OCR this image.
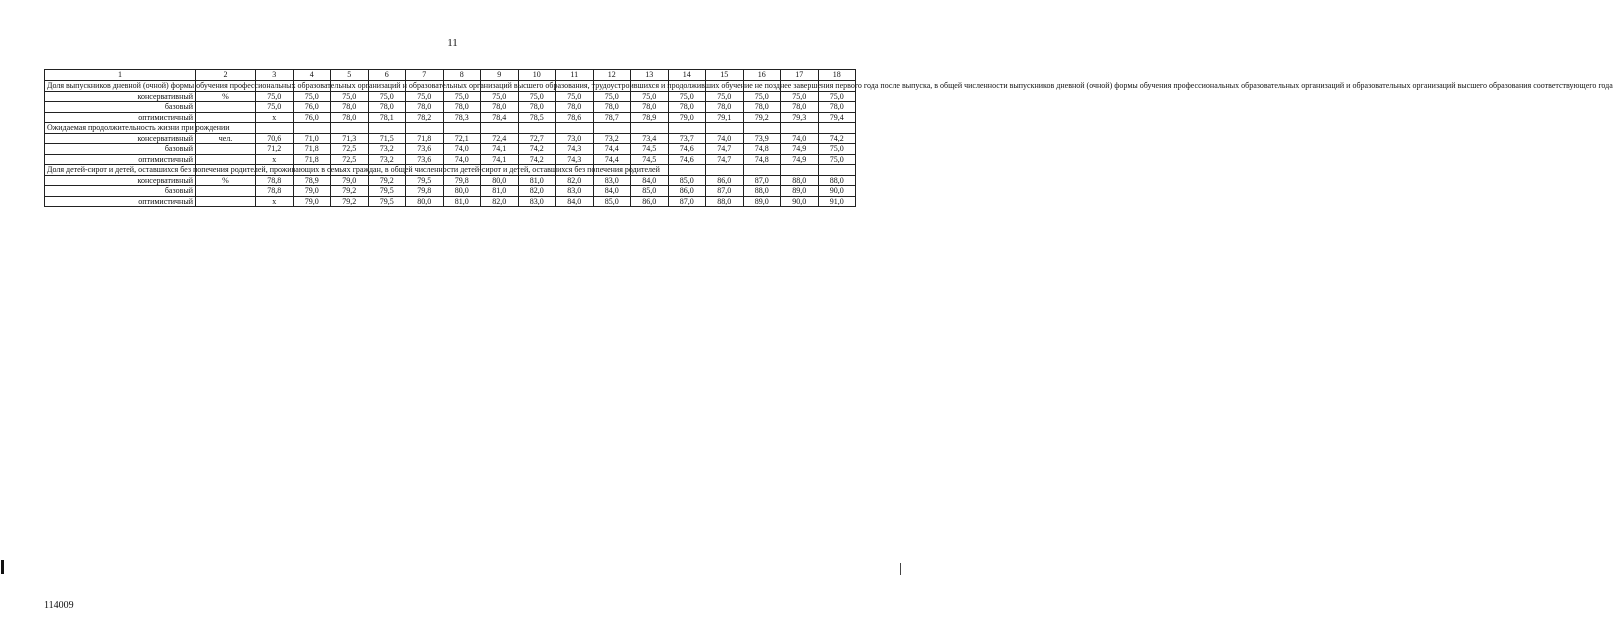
11
1	2	3	4	5	6	7	8	9	10	11	12	13	14	15	16	17	18
Доля выпускников дневной (очной) формы обучения профессиональных образовательных организаций и образовательных организаций высшего образования, трудоустроившихся и продолживших обучение не позднее завершения первого года после выпуска, в общей численности выпускников дневной (очной) формы обучения профессиональных образовательных организаций и образовательных организаций высшего образования соответствующего года																	
консервативный	%	75,0	75,0	75,0	75,0	75,0	75,0	75,0	75,0	75,0	75,0	75,0	75,0	75,0	75,0	75,0	75,0
базовый		75,0	76,0	78,0	78,0	78,0	78,0	78,0	78,0	78,0	78,0	78,0	78,0	78,0	78,0	78,0	78,0
оптимистичный		x	76,0	78,0	78,1	78,2	78,3	78,4	78,5	78,6	78,7	78,9	79,0	79,1	79,2	79,3	79,4
Ожидаемая продолжительность жизни при рождении																	
консервативный	чел.	70,6	71,0	71,3	71,5	71,8	72,1	72,4	72,7	73,0	73,2	73,4	73,7	74,0	73,9	74,0	74,2
базовый		71,2	71,8	72,5	73,2	73,6	74,0	74,1	74,2	74,3	74,4	74,5	74,6	74,7	74,8	74,9	75,0
оптимистичный		x	71,8	72,5	73,2	73,6	74,0	74,1	74,2	74,3	74,4	74,5	74,6	74,7	74,8	74,9	75,0
Доля детей-сирот и детей, оставшихся без попечения родителей, проживающих в семьях граждан, в общей численности детей-сирот и детей, оставшихся без попечения родителей																	
консервативный	%	78,8	78,9	79,0	79,2	79,5	79,8	80,0	81,0	82,0	83,0	84,0	85,0	86,0	87,0	88,0	88,0
базовый		78,8	79,0	79,2	79,5	79,8	80,0	81,0	82,0	83,0	84,0	85,0	86,0	87,0	88,0	89,0	90,0
оптимистичный		x	79,0	79,2	79,5	80,0	81,0	82,0	83,0	84,0	85,0	86,0	87,0	88,0	89,0	90,0	91,0
114009
